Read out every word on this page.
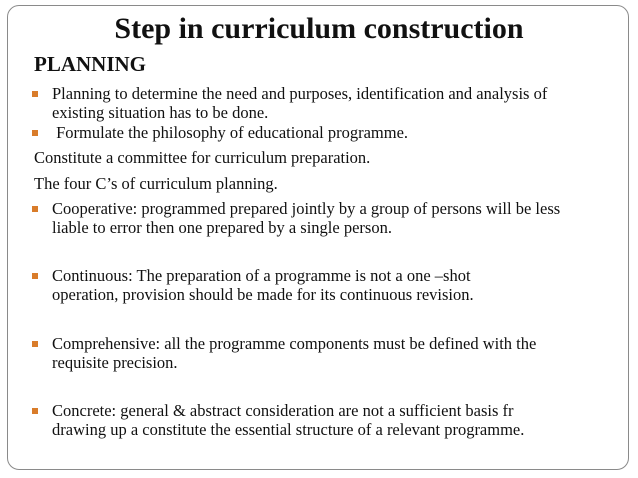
Step in curriculum construction
PLANNING
Planning to determine the need and purposes, identification and analysis of
existing situation has to be done.
Formulate the philosophy of educational programme.
Constitute a committee for curriculum preparation.
The four C’s of curriculum planning.
Cooperative: programmed prepared jointly by a group of persons will be less
liable to error then one prepared by a single person.
Continuous: The preparation of a programme is not a one –shot
operation, provision should be made for its continuous revision.
Comprehensive: all the programme components must be defined with the
requisite precision.
Concrete: general & abstract consideration are not a sufficient basis fr
drawing up a constitute the essential structure of a relevant programme.
